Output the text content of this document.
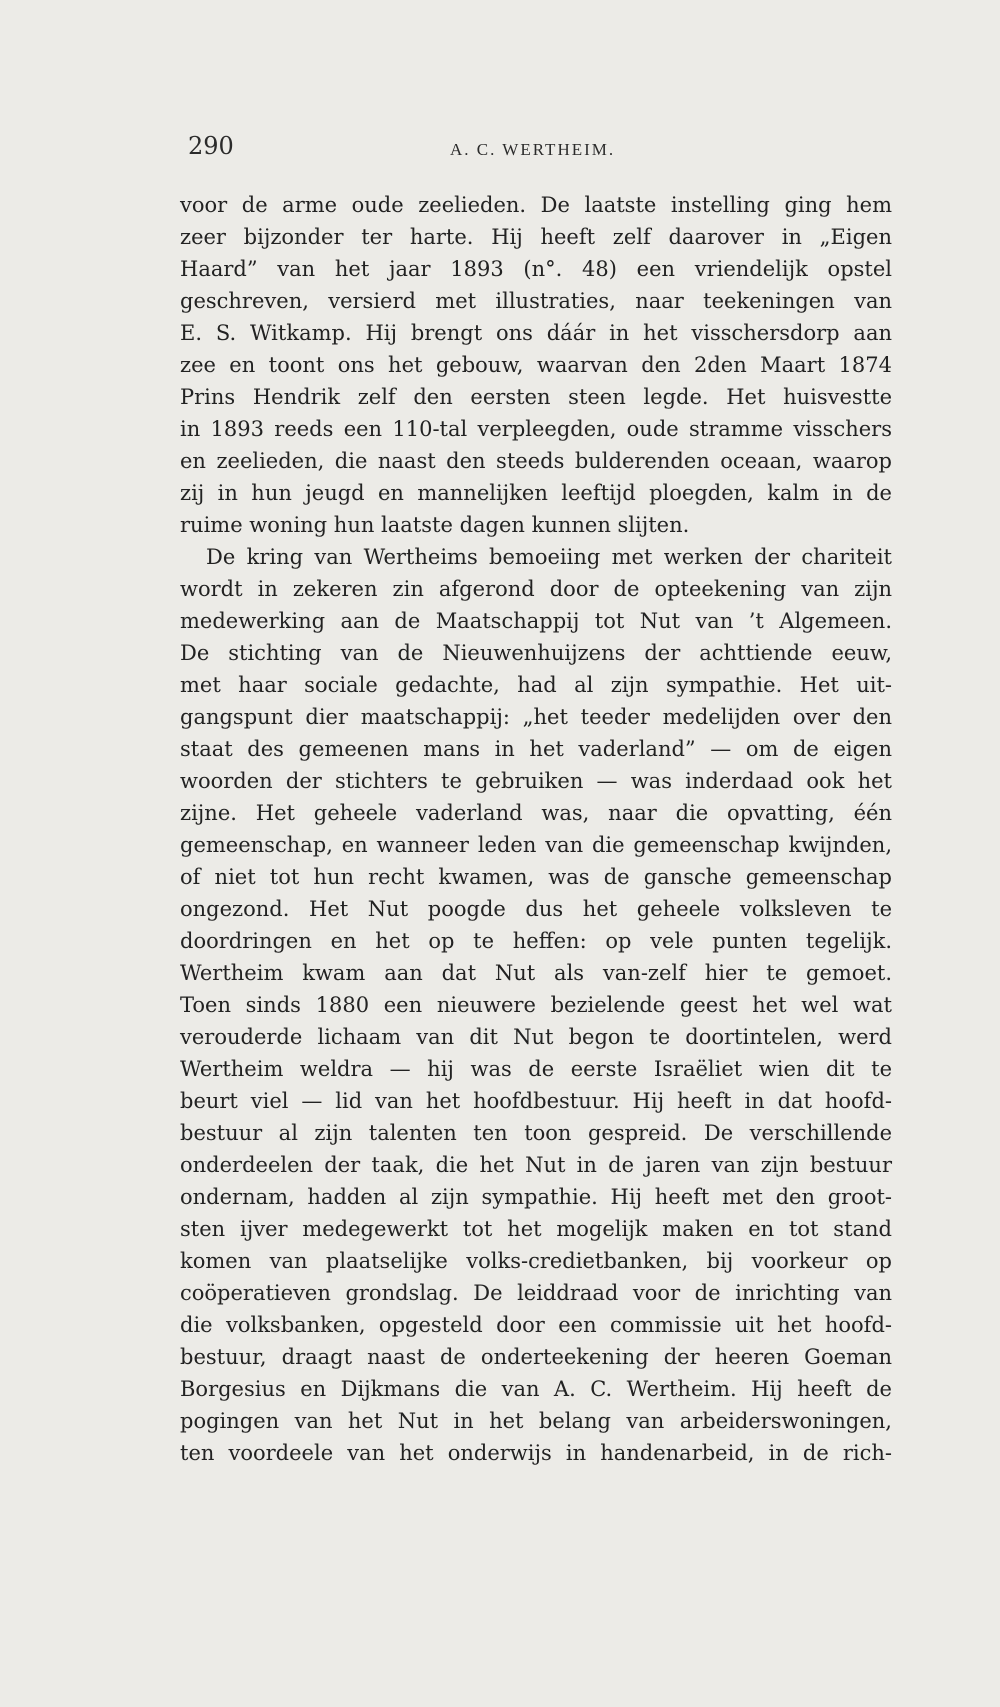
290	A. C. WERTHEIM.
voor de arme oude zeelieden. De laatste instelling ging hem
zeer bijzonder ter harte. Hij heeft zelf daarover in „Eigen
Haard” van het jaar 1893 (n°. 48) een vriendelijk opstel
geschreven, versierd met illustraties, naar teekeningen van
E. S. Witkamp. Hij brengt ons dáár in het visschersdorp aan
zee en toont ons het gebouw, waarvan den 2den Maart 1874
Prins Hendrik zelf den eersten steen legde. Het huisvestte
in 1893 reeds een 110-tal verpleegden, oude stramme visschers
en zeelieden, die naast den steeds bulderenden oceaan, waarop
zij in hun jeugd en mannelijken leeftijd ploegden, kalm in de
ruime woning hun laatste dagen kunnen slijten.
De kring van Wertheims bemoeiing met werken der chariteit
wordt in zekeren zin afgerond door de opteekening van zijn
medewerking aan de Maatschappij tot Nut van ’t Algemeen.
De stichting van de Nieuwenhuijzens der achttiende eeuw,
met haar sociale gedachte, had al zijn sympathie. Het uit-
gangspunt dier maatschappij: „het teeder medelijden over den
staat des gemeenen mans in het vaderland” — om de eigen
woorden der stichters te gebruiken — was inderdaad ook het
zijne. Het geheele vaderland was, naar die opvatting, één
gemeenschap, en wanneer leden van die gemeenschap kwijnden,
of niet tot hun recht kwamen, was de gansche gemeenschap
ongezond. Het Nut poogde dus het geheele volksleven te
doordringen en het op te heffen: op vele punten tegelijk.
Wertheim kwam aan dat Nut als van-zelf hier te gemoet.
Toen sinds 1880 een nieuwere bezielende geest het wel wat
verouderde lichaam van dit Nut begon te doortintelen, werd
Wertheim weldra — hij was de eerste Israëliet wien dit te
beurt viel — lid van het hoofdbestuur. Hij heeft in dat hoofd-
bestuur al zijn talenten ten toon gespreid. De verschillende
onderdeelen der taak, die het Nut in de jaren van zijn bestuur
ondernam, hadden al zijn sympathie. Hij heeft met den groot-
sten ijver medegewerkt tot het mogelijk maken en tot stand
komen van plaatselijke volks-credietbanken, bij voorkeur op
coöperatieven grondslag. De leiddraad voor de inrichting van
die volksbanken, opgesteld door een commissie uit het hoofd-
bestuur, draagt naast de onderteekening der heeren Goeman
Borgesius en Dijkmans die van A. C. Wertheim. Hij heeft de
pogingen van het Nut in het belang van arbeiderswoningen,
ten voordeele van het onderwijs in handenarbeid, in de rich-
